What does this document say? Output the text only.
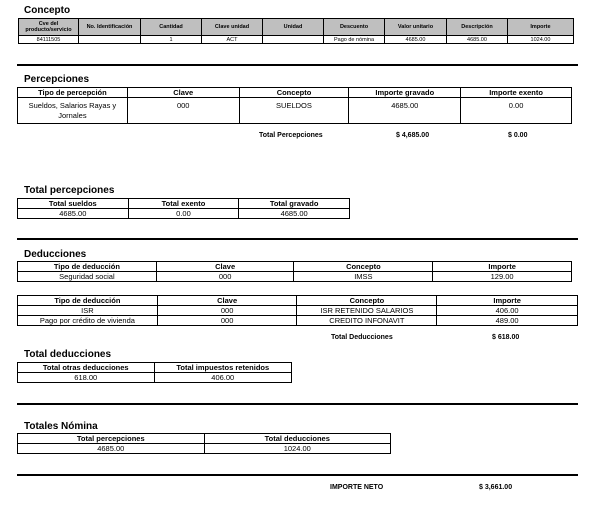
Concepto
Cve del producto/servicio	No. Identificación	Cantidad	Clave unidad	Unidad	Descuento	Valor unitario	Descripción	Importe
84111505		1	ACT		Pago de nómina	4685.00	4685.00	1024.00
Percepciones
Tipo de percepción	Clave	Concepto	Importe gravado	Importe exento
Sueldos, Salarios Rayas y Jornales	000	SUELDOS	4685.00	0.00
Total Percepciones	$ 4,685.00	$ 0.00
Total percepciones
Total sueldos	Total exento	Total gravado
4685.00	0.00	4685.00
Deducciones
Tipo de deducción	Clave	Concepto	Importe
Seguridad social	000	IMSS	129.00
Tipo de deducción	Clave	Concepto	Importe
ISR	000	ISR RETENIDO SALARIOS	406.00
Pago por crédito de vivienda	000	CREDITO INFONAVIT	489.00
Total Deducciones	$ 618.00
Total deducciones
Total otras deducciones	Total impuestos retenidos
618.00	406.00
Totales Nómina
Total percepciones	Total deducciones
4685.00	1024.00
IMPORTE NETO	$ 3,661.00
